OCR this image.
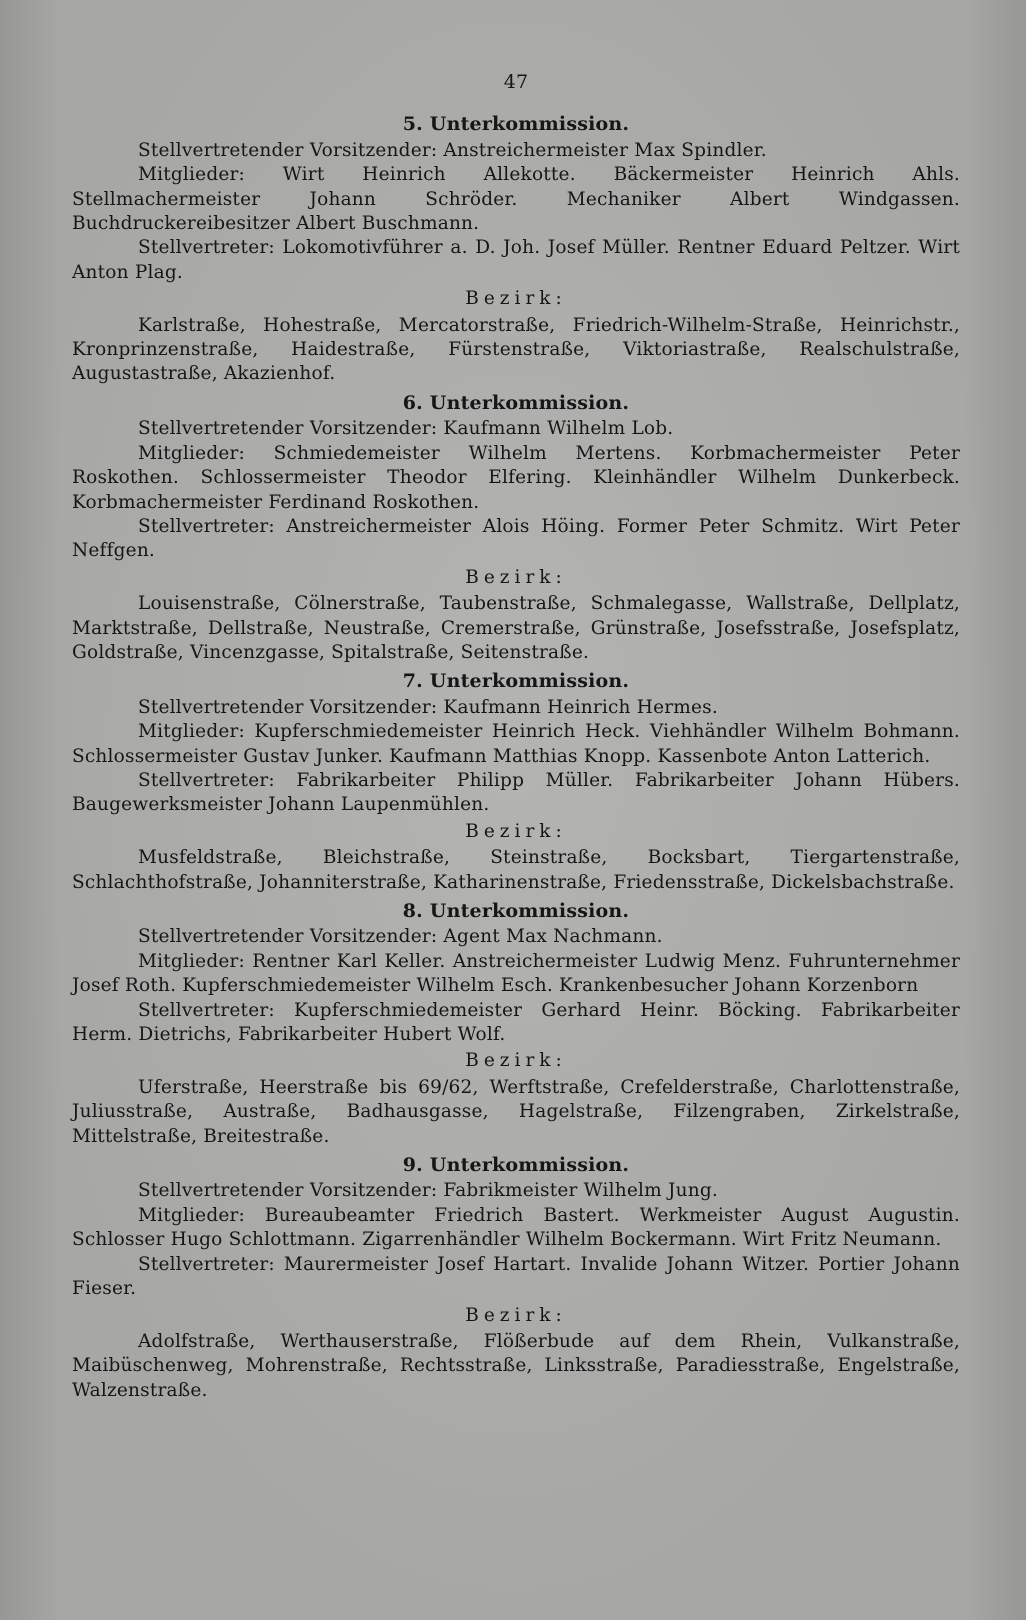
47
5. Unterkommission.

Stellvertretender Vorsitzender: Anstreichermeister Max Spindler.

Mitglieder: Wirt Heinrich Allekotte. Bäckermeister Heinrich Ahls. Stellmachermeister Johann Schröder. Mechaniker Albert Windgassen. Buchdruckereibesitzer Albert Buschmann.

Stellvertreter: Lokomotivführer a. D. Joh. Josef Müller. Rentner Eduard Peltzer. Wirt Anton Plag.

Bezirk:

Karlstraße, Hohestraße, Mercatorstraße, Friedrich-Wilhelm-Straße, Heinrichstr., Kronprinzenstraße, Haidestraße, Fürstenstraße, Viktoriastraße, Realschulstraße, Augustastraße, Akazienhof.

6. Unterkommission.

Stellvertretender Vorsitzender: Kaufmann Wilhelm Lob.

Mitglieder: Schmiedemeister Wilhelm Mertens. Korbmachermeister Peter Roskothen. Schlossermeister Theodor Elfering. Kleinhändler Wilhelm Dunkerbeck. Korbmachermeister Ferdinand Roskothen.

Stellvertreter: Anstreichermeister Alois Höing. Former Peter Schmitz. Wirt Peter Neffgen.

Bezirk:

Louisenstraße, Cölnerstraße, Taubenstraße, Schmalegasse, Wallstraße, Dellplatz, Marktstraße, Dellstraße, Neustraße, Cremerstraße, Grünstraße, Josefsstraße, Josefsplatz, Goldstraße, Vincenzgasse, Spitalstraße, Seitenstraße.

7. Unterkommission.

Stellvertretender Vorsitzender: Kaufmann Heinrich Hermes.

Mitglieder: Kupferschmiedemeister Heinrich Heck. Viehhändler Wilhelm Bohmann. Schlossermeister Gustav Junker. Kaufmann Matthias Knopp. Kassenbote Anton Latterich.

Stellvertreter: Fabrikarbeiter Philipp Müller. Fabrikarbeiter Johann Hübers. Baugewerksmeister Johann Laupenmühlen.

Bezirk:

Musfeldstraße, Bleichstraße, Steinstraße, Bocksbart, Tiergartenstraße, Schlachthofstraße, Johanniterstraße, Katharinenstraße, Friedensstraße, Dickelsbachstraße.

8. Unterkommission.

Stellvertretender Vorsitzender: Agent Max Nachmann.

Mitglieder: Rentner Karl Keller. Anstreichermeister Ludwig Menz. Fuhrunternehmer Josef Roth. Kupferschmiedemeister Wilhelm Esch. Krankenbesucher Johann Korzenborn

Stellvertreter: Kupferschmiedemeister Gerhard Heinr. Böcking. Fabrikarbeiter Herm. Dietrichs, Fabrikarbeiter Hubert Wolf.

Bezirk:

Uferstraße, Heerstraße bis 69/62, Werftstraße, Crefelderstraße, Charlottenstraße, Juliusstraße, Austraße, Badhausgasse, Hagelstraße, Filzengraben, Zirkelstraße, Mittelstraße, Breitestraße.

9. Unterkommission.

Stellvertretender Vorsitzender: Fabrikmeister Wilhelm Jung.

Mitglieder: Bureaubeamter Friedrich Bastert. Werkmeister August Augustin. Schlosser Hugo Schlottmann. Zigarrenhändler Wilhelm Bockermann. Wirt Fritz Neumann.

Stellvertreter: Maurermeister Josef Hartart. Invalide Johann Witzer. Portier Johann Fieser.

Bezirk:

Adolfstraße, Werthauserstraße, Flößerbude auf dem Rhein, Vulkanstraße, Maibüschenweg, Mohrenstraße, Rechtsstraße, Linksstraße, Paradiesstraße, Engelstraße, Walzenstraße.
